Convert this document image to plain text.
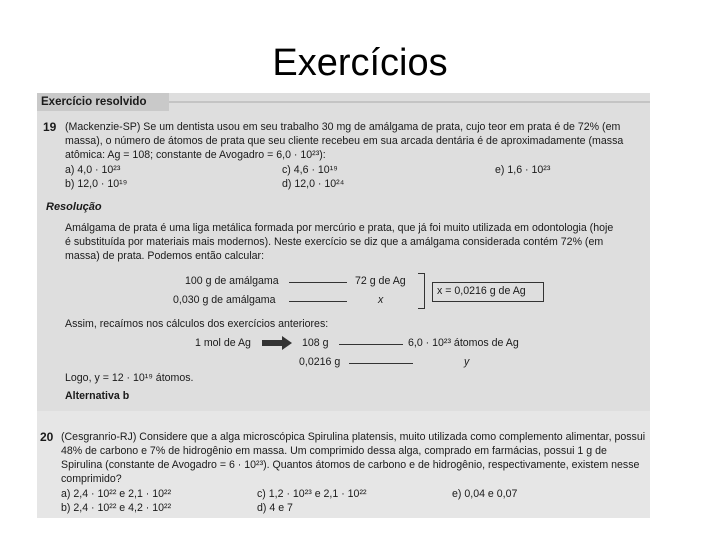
Exercícios
Exercício resolvido
19 (Mackenzie-SP) Se um dentista usou em seu trabalho 30 mg de amálgama de prata, cujo teor em prata é de 72% (em
massa), o número de átomos de prata que seu cliente recebeu em sua arcada dentária é de aproximadamente (massa
atômica: Ag = 108; constante de Avogadro = 6,0 · 10²³):
a) 4,0 · 10²³	c) 4,6 · 10¹⁹	e) 1,6 · 10²³
b) 12,0 · 10¹⁹	d) 12,0 · 10²⁴
Resolução
Amálgama de prata é uma liga metálica formada por mercúrio e prata, que já foi muito utilizada em odontologia (hoje
é substituída por materiais mais modernos). Neste exercício se diz que a amálgama considerada contém 72% (em
massa) de prata. Podemos então calcular:
100 g de amálgama	72 g de Ag
0,030 g de amálgama	x
x = 0,0216 g de Ag
Assim, recaímos nos cálculos dos exercícios anteriores:
1 mol de Ag	108 g	6,0 · 10²³ átomos de Ag
0,0216 g	y
Logo, y = 12 · 10¹⁹ átomos.
Alternativa b
20 (Cesgranrio-RJ) Considere que a alga microscópica Spirulina platensis, muito utilizada como complemento alimentar, possui
48% de carbono e 7% de hidrogênio em massa. Um comprimido dessa alga, comprado em farmácias, possui 1 g de
Spirulina (constante de Avogadro = 6 · 10²³). Quantos átomos de carbono e de hidrogênio, respectivamente, existem nesse
comprimido?
a) 2,4 · 10²² e 2,1 · 10²²	c) 1,2 · 10²³ e 2,1 · 10²²	e) 0,04 e 0,07
b) 2,4 · 10²² e 4,2 · 10²²	d) 4 e 7
